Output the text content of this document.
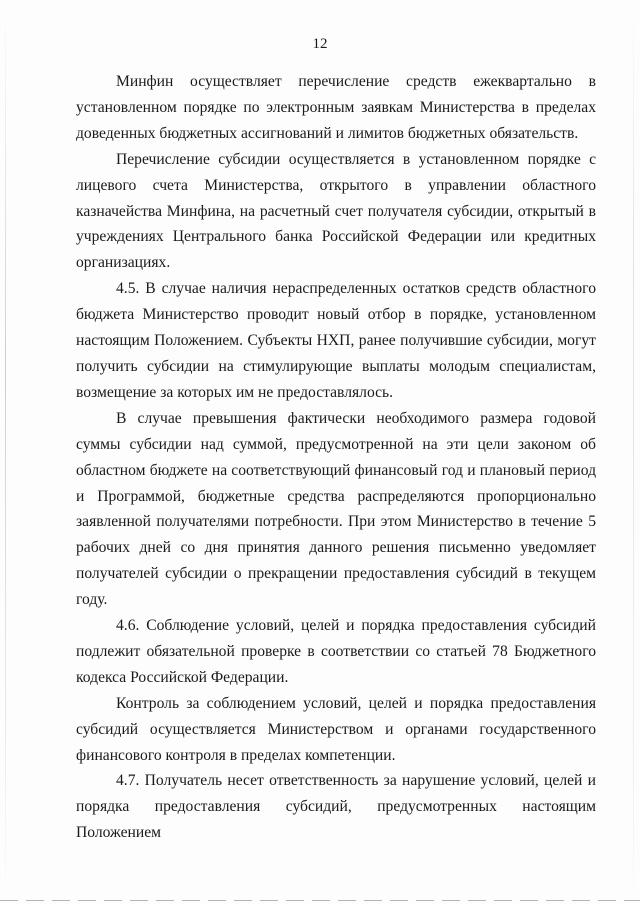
12

Минфин осуществляет перечисление средств ежеквартально в установленном порядке по электронным заявкам Министерства в пределах доведенных бюджетных ассигнований и лимитов бюджетных обязательств.

Перечисление субсидии осуществляется в установленном порядке с лицевого счета Министерства, открытого в управлении областного казначейства Минфина, на расчетный счет получателя субсидии, открытый в учреждениях Центрального банка Российской Федерации или кредитных организациях.

4.5. В случае наличия нераспределенных остатков средств областного бюджета Министерство проводит новый отбор в порядке, установленном настоящим Положением. Субъекты НХП, ранее получившие субсидии, могут получить субсидии на стимулирующие выплаты молодым специалистам, возмещение за которых им не предоставлялось.

В случае превышения фактически необходимого размера годовой суммы субсидии над суммой, предусмотренной на эти цели законом об областном бюджете на соответствующий финансовый год и плановый период и Программой, бюджетные средства распределяются пропорционально заявленной получателями потребности. При этом Министерство в течение 5 рабочих дней со дня принятия данного решения письменно уведомляет получателей субсидии о прекращении предоставления субсидий в текущем году.

4.6. Соблюдение условий, целей и порядка предоставления субсидий подлежит обязательной проверке в соответствии со статьей 78 Бюджетного кодекса Российской Федерации.

Контроль за соблюдением условий, целей и порядка предоставления субсидий осуществляется Министерством и органами государственного финансового контроля в пределах компетенции.

4.7. Получатель несет ответственность за нарушение условий, целей и порядка предоставления субсидий, предусмотренных настоящим Положением
